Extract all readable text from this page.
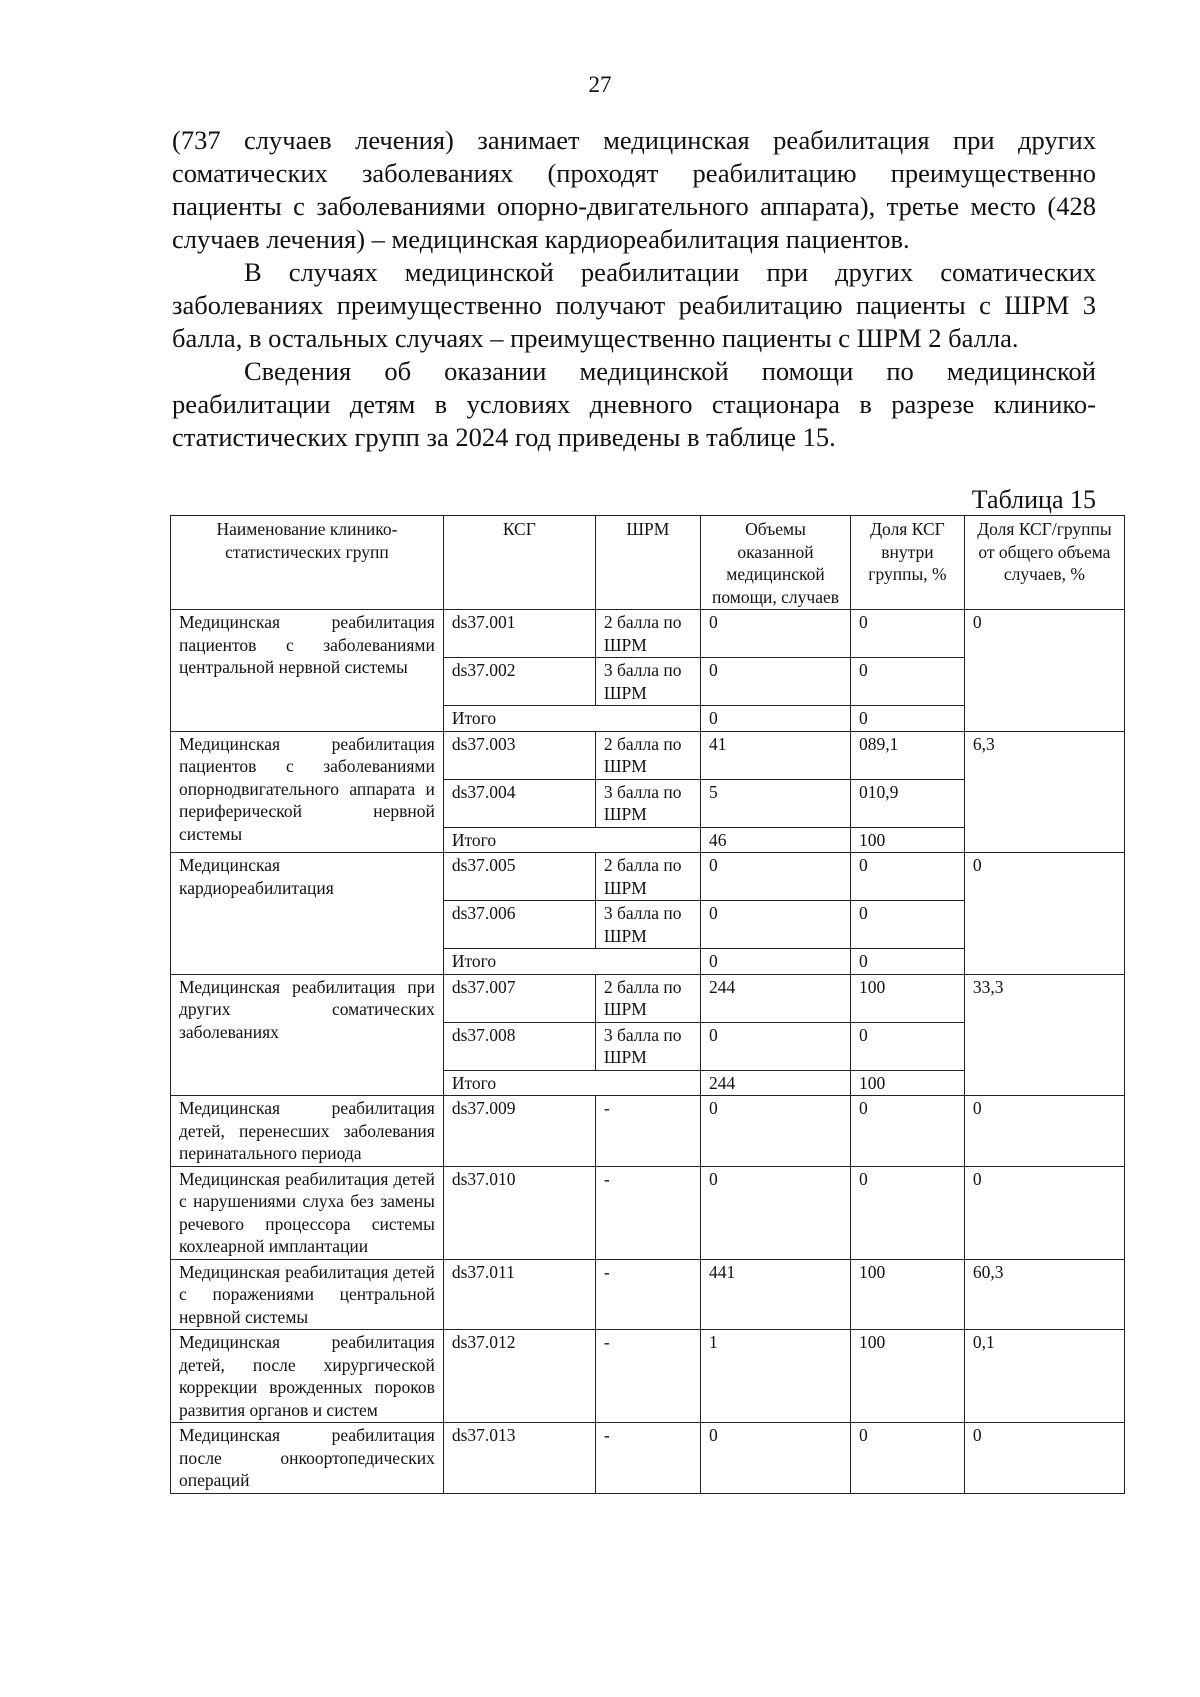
27

(737 случаев лечения) занимает медицинская реабилитация при других соматических заболеваниях (проходят реабилитацию преимущественно пациенты с заболеваниями опорно-двигательного аппарата), третье место (428 случаев лечения) – медицинская кардиореабилитация пациентов.

В случаях медицинской реабилитации при других соматических заболеваниях преимущественно получают реабилитацию пациенты с ШРМ 3 балла, в остальных случаях – преимущественно пациенты с ШРМ 2 балла.

Сведения об оказании медицинской помощи по медицинской реабилитации детям в условиях дневного стационара в разрезе клинико-статистических групп за 2024 год приведены в таблице 15.

Таблица 15
Наименование клинико-статистических групп	КСГ	ШРМ	Объемы оказанной медицинской помощи, случаев	Доля КСГ внутри группы, %	Доля КСГ/группы от общего объема случаев, %
Медицинская реабилитация пациентов с заболеваниями центральной нервной системы	ds37.001	2 балла по ШРМ	0	0	0
	ds37.002	3 балла по ШРМ	0	0	
	Итого		0	0	
Медицинская реабилитация пациентов с заболеваниями опорнодвигательного аппарата и периферической нервной системы	ds37.003	2 балла по ШРМ	41	089,1	6,3
	ds37.004	3 балла по ШРМ	5	010,9	
	Итого		46	100	
Медицинская кардиореабилитация	ds37.005	2 балла по ШРМ	0	0	0
	ds37.006	3 балла по ШРМ	0	0	
	Итого		0	0	
Медицинская реабилитация при других соматических заболеваниях	ds37.007	2 балла по ШРМ	244	100	33,3
	ds37.008	3 балла по ШРМ	0	0	
	Итого		244	100	
Медицинская реабилитация детей, перенесших заболевания перинатального периода	ds37.009	-	0	0	0
Медицинская реабилитация детей с нарушениями слуха без замены речевого процессора системы кохлеарной имплантации	ds37.010	-	0	0	0
Медицинская реабилитация детей с поражениями центральной нервной системы	ds37.011	-	441	100	60,3
Медицинская реабилитация детей, после хирургической коррекции врожденных пороков развития органов и систем	ds37.012	-	1	100	0,1
Медицинская реабилитация после онкоортопедических операций	ds37.013	-	0	0	0
